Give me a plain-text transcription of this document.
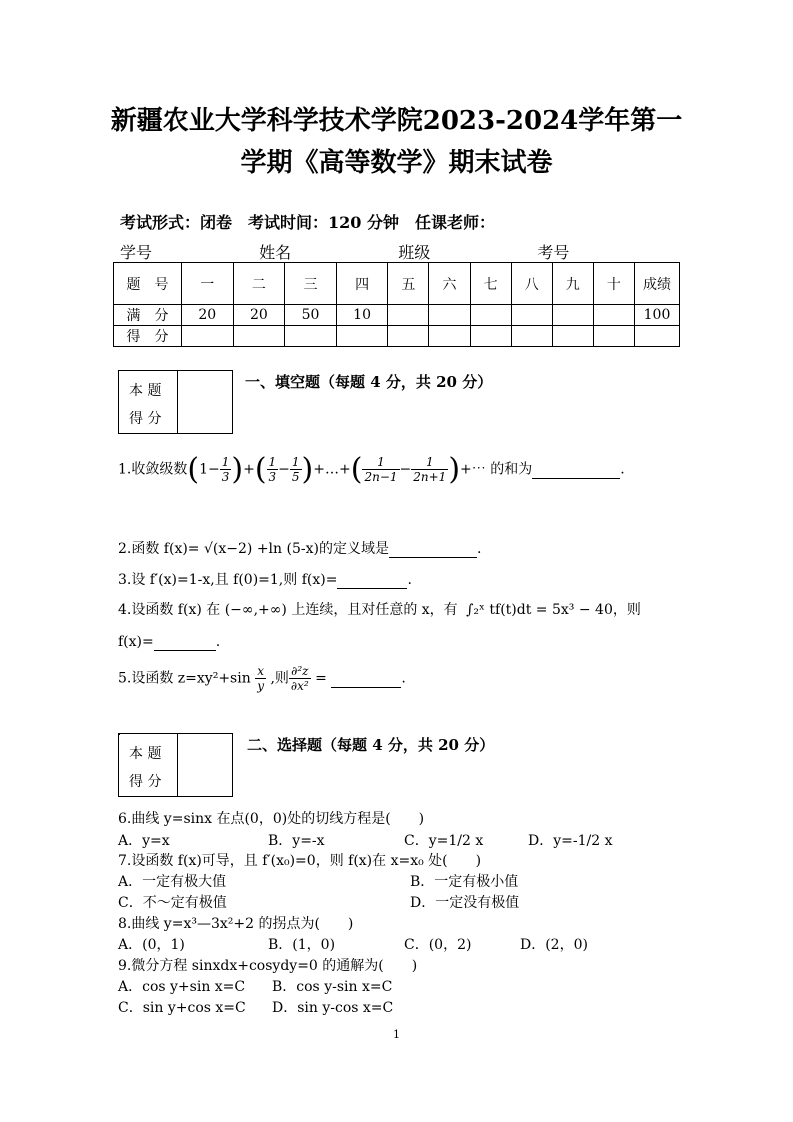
新疆农业大学科学技术学院2023-2024学年第一
学期《高等数学》期末试卷
考试形式：闭卷　考试时间：120 分钟　任课老师：
学号	姓名	班级	考号
题　号	一	二	三	四	五	六	七	八	九	十	成绩
满　分	20	20	50	10							100
得　分											
本 题
得 分
一、填空题（每题 4 分，共 20 分）
1.收敛级数($1- \frac{1}{3}$ )+( $\frac{1}{3} - \frac{1}{5}$ )+…+( $\frac{1}{2n-1} - \frac{1}{2n+1}$ )+⋯ 的和为	.
2.函数 f(x)= √(x−2) +ln (5-x)的定义域是	.
3.设 f′(x)=1-x,且 f(0)=1,则 f(x)=	.
4.设函数 f(x) 在 (−∞,+∞) 上连续，且对任意的 x，有 ∫₂ˣ tf(t)dt = 5x³ − 40，则
f(x)=	.
5.设函数 $z=xy^2+\sin \frac{x}{y}$ ,则 $\frac{\text{∂²z}}{\text{∂x²}}$ =	.
本 题
得 分
二、选择题（每题 4 分，共 20 分）
6.曲线 y=sinx 在点(0，0)处的切线方程是(　　)
A．y=x	B．y=-x	C．y=1/2 x	D．y=-1/2 x
7.设函数 f(x)可导，且 f′(x₀)=0，则 f(x)在 x=x₀ 处(　　)
A．一定有极大值	B．一定有极小值
C．不～定有极值	D．一定没有极值
8.曲线 y=x³—3x²+2 的拐点为(　　)
A．(0，1)	B．(1，0)	C．(0，2)	D．(2，0)
9.微分方程 sinxdx+cosydy=0 的通解为(　　)
A．cos y+sin x=C B．cos y-sin x=C
C．sin y+cos x=C D．sin y-cos x=C
1
